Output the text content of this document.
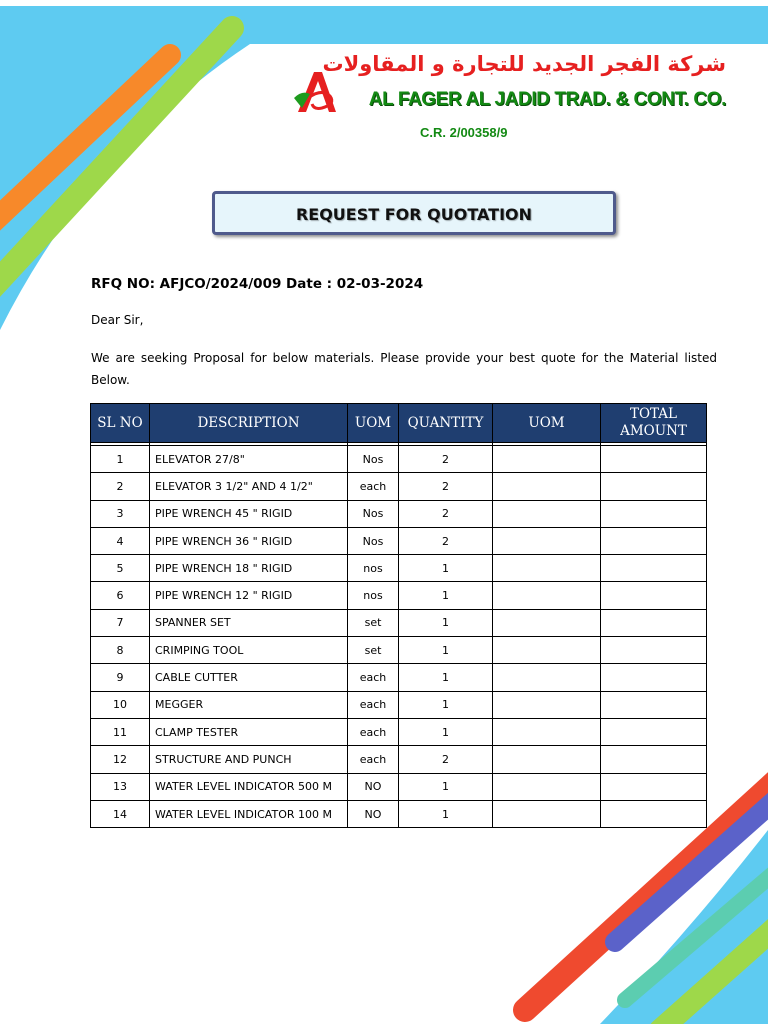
شركة الفجر الجديد للتجارة و المقاولات
AL FAGER AL JADID TRAD. & CONT. CO.
C.R. 2/00358/9
REQUEST FOR QUOTATION
RFQ NO: AFJCO/2024/009 Date : 02-03-2024
Dear Sir,
We are seeking Proposal for below materials. Please provide your best quote for the Material listed Below.
SL NO	DESCRIPTION	UOM	QUANTITY	UOM	TOTAL AMOUNT

1	ELEVATOR 27/8"	Nos	2		
2	ELEVATOR 3 1/2" AND 4 1/2"	each	2		
3	PIPE WRENCH 45 " RIGID	Nos	2		
4	PIPE WRENCH 36 " RIGID	Nos	2		
5	PIPE WRENCH 18 " RIGID	nos	1		
6	PIPE WRENCH 12 " RIGID	nos	1		
7	SPANNER SET	set	1		
8	CRIMPING TOOL	set	1		
9	CABLE CUTTER	each	1		
10	MEGGER	each	1		
11	CLAMP TESTER	each	1		
12	STRUCTURE AND PUNCH	each	2		
13	WATER LEVEL INDICATOR 500 M	NO	1		
14	WATER LEVEL INDICATOR 100 M	NO	1		
